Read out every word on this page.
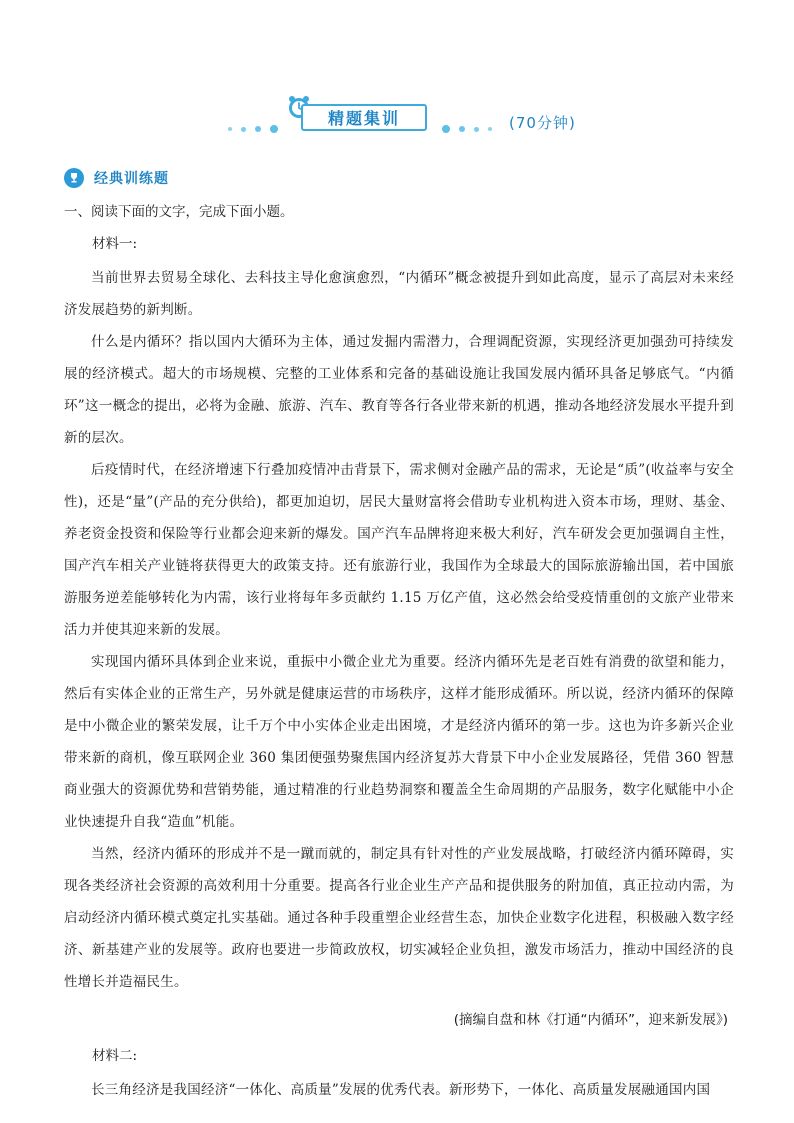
精题集训	(70分钟)
经典训练题
一、阅读下面的文字，完成下面小题。
材料一:

当前世界去贸易全球化、去科技主导化愈演愈烈，“内循环”概念被提升到如此高度，显示了高层对未来经济发展趋势的新判断。

什么是内循环？指以国内大循环为主体，通过发掘内需潜力，合理调配资源，实现经济更加强劲可持续发展的经济模式。超大的市场规模、完整的工业体系和完备的基础设施让我国发展内循环具备足够底气。“内循环”这一概念的提出，必将为金融、旅游、汽车、教育等各行各业带来新的机遇，推动各地经济发展水平提升到新的层次。

后疫情时代，在经济增速下行叠加疫情冲击背景下，需求侧对金融产品的需求，无论是“质”(收益率与安全性)，还是“量”(产品的充分供给)，都更加迫切，居民大量财富将会借助专业机构进入资本市场，理财、基金、养老资金投资和保险等行业都会迎来新的爆发。国产汽车品牌将迎来极大利好，汽车研发会更加强调自主性，国产汽车相关产业链将获得更大的政策支持。还有旅游行业，我国作为全球最大的国际旅游输出国，若中国旅游服务逆差能够转化为内需，该行业将每年多贡献约 1.15 万亿产值，这必然会给受疫情重创的文旅产业带来活力并使其迎来新的发展。

实现国内循环具体到企业来说，重振中小微企业尤为重要。经济内循环先是老百姓有消费的欲望和能力，然后有实体企业的正常生产，另外就是健康运营的市场秩序，这样才能形成循环。所以说，经济内循环的保障是中小微企业的繁荣发展，让千万个中小实体企业走出困境，才是经济内循环的第一步。这也为许多新兴企业带来新的商机，像互联网企业 360 集团便强势聚焦国内经济复苏大背景下中小企业发展路径，凭借 360 智慧商业强大的资源优势和营销势能，通过精准的行业趋势洞察和覆盖全生命周期的产品服务，数字化赋能中小企业快速提升自我“造血”机能。

当然，经济内循环的形成并不是一蹴而就的，制定具有针对性的产业发展战略，打破经济内循环障碍，实现各类经济社会资源的高效利用十分重要。提高各行业企业生产产品和提供服务的附加值，真正拉动内需，为启动经济内循环模式奠定扎实基础。通过各种手段重塑企业经营生态，加快企业数字化进程，积极融入数字经济、新基建产业的发展等。政府也要进一步简政放权，切实减轻企业负担，激发市场活力，推动中国经济的良性增长并造福民生。

(摘编自盘和林《打通“内循环”，迎来新发展》)
材料二:

长三角经济是我国经济“一体化、高质量”发展的优秀代表。新形势下，一体化、高质量发展融通国内国
